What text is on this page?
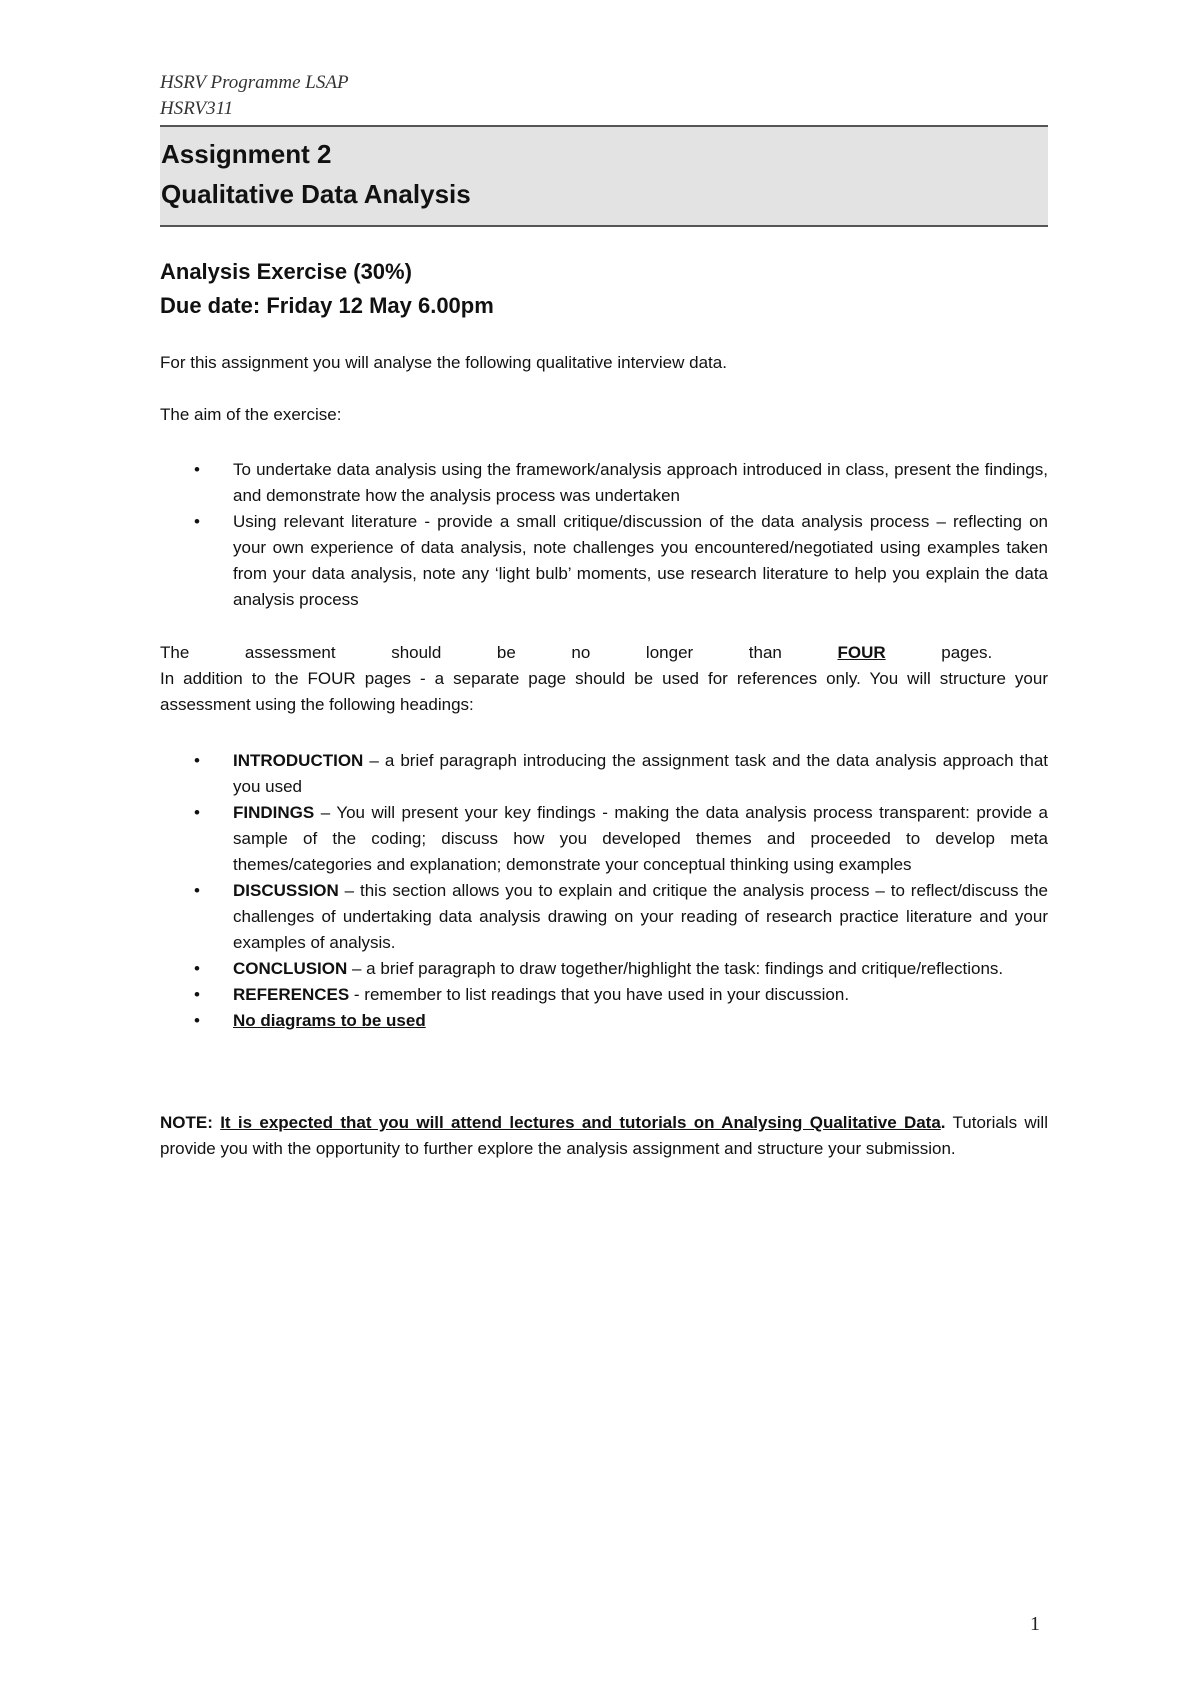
HSRV Programme LSAP
HSRV311
Assignment 2
Qualitative Data Analysis
Analysis Exercise (30%)
Due date: Friday 12 May 6.00pm
For this assignment you will analyse the following qualitative interview data.
The aim of the exercise:
• To undertake data analysis using the framework/analysis approach introduced in class, present the findings, and demonstrate how the analysis process was undertaken
• Using relevant literature - provide a small critique/discussion of the data analysis process – reflecting on your own experience of data analysis, note challenges you encountered/negotiated using examples taken from your data analysis, note any ‘light bulb’ moments, use research literature to help you explain the data analysis process
The	assessment	should	be	no	longer	than	FOUR	pages.
In addition to the FOUR pages - a separate page should be used for references only. You will structure your assessment using the following headings:
• INTRODUCTION – a brief paragraph introducing the assignment task and the data analysis approach that you used
• FINDINGS – You will present your key findings - making the data analysis process transparent: provide a sample of the coding; discuss how you developed themes and proceeded to develop meta themes/categories and explanation; demonstrate your conceptual thinking using examples
• DISCUSSION – this section allows you to explain and critique the analysis process – to reflect/discuss the challenges of undertaking data analysis drawing on your reading of research practice literature and your examples of analysis.
• CONCLUSION – a brief paragraph to draw together/highlight the task: findings and critique/reflections.
• REFERENCES - remember to list readings that you have used in your discussion.
• No diagrams to be used
NOTE: It is expected that you will attend lectures and tutorials on Analysing Qualitative Data. Tutorials will provide you with the opportunity to further explore the analysis assignment and structure your submission.
1
